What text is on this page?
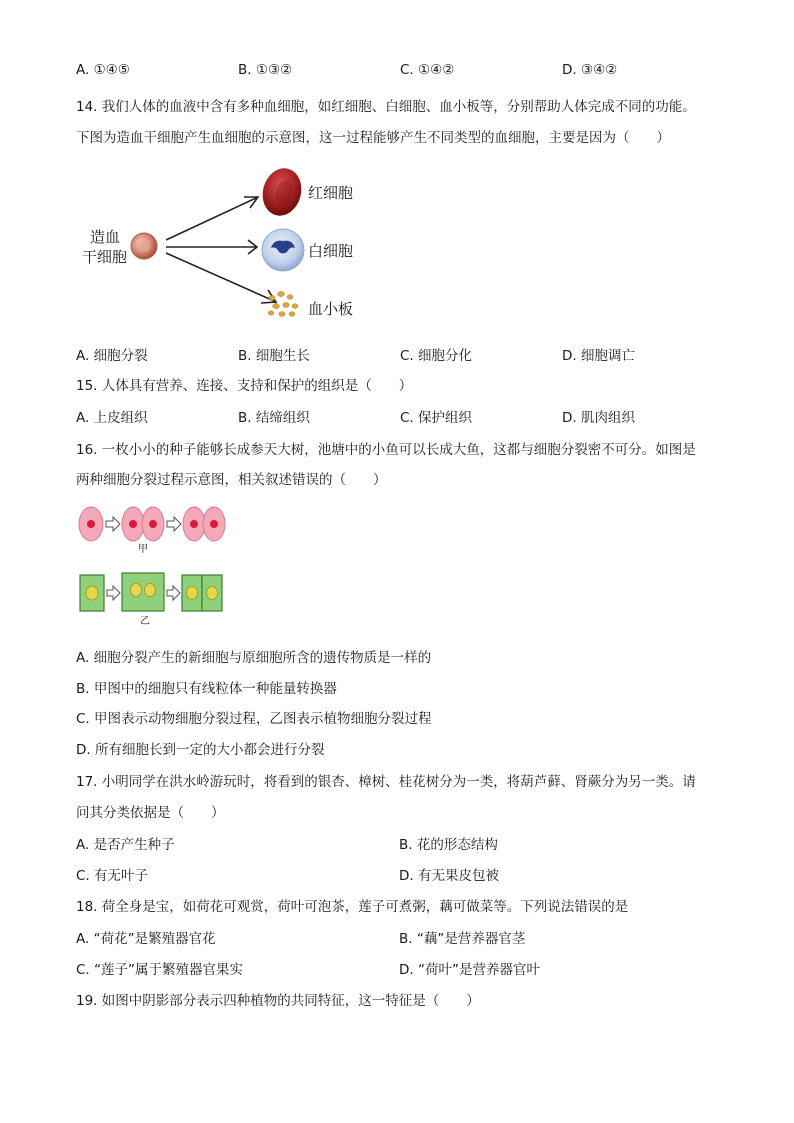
A. ①④⑤	B. ①③②	C. ①④②	D. ③④②
14. 我们人体的血液中含有多种血细胞，如红细胞、白细胞、血小板等，分别帮助人体完成不同的功能。
下图为造血干细胞产生血细胞的示意图，这一过程能够产生不同类型的血细胞，主要是因为（　　）
造血
干细胞
红细胞
白细胞
血小板
A. 细胞分裂	B. 细胞生长	C. 细胞分化	D. 细胞调亡
15. 人体具有营养、连接、支持和保护的组织是（　　）
A. 上皮组织	B. 结缔组织	C. 保护组织	D. 肌肉组织
16. 一枚小小的种子能够长成参天大树，池塘中的小鱼可以长成大鱼，这都与细胞分裂密不可分。如图是
两种细胞分裂过程示意图，相关叙述错误的（　　）
甲
乙
A. 细胞分裂产生的新细胞与原细胞所含的遗传物质是一样的
B. 甲图中的细胞只有线粒体一种能量转换器
C. 甲图表示动物细胞分裂过程，乙图表示植物细胞分裂过程
D. 所有细胞长到一定的大小都会进行分裂
17. 小明同学在洪水岭游玩时，将看到的银杏、樟树、桂花树分为一类，将葫芦藓、肾蕨分为另一类。请
问其分类依据是（　　）
A. 是否产生种子	B. 花的形态结构
C. 有无叶子	D. 有无果皮包被
18. 荷全身是宝，如荷花可观赏，荷叶可泡茶，莲子可煮粥，藕可做菜等。下列说法错误的是
A. “荷花”是繁殖器官花	B. “藕”是营养器官茎
C. “莲子”属于繁殖器官果实	D. “荷叶”是营养器官叶
19. 如图中阴影部分表示四种植物的共同特征，这一特征是（　　）
